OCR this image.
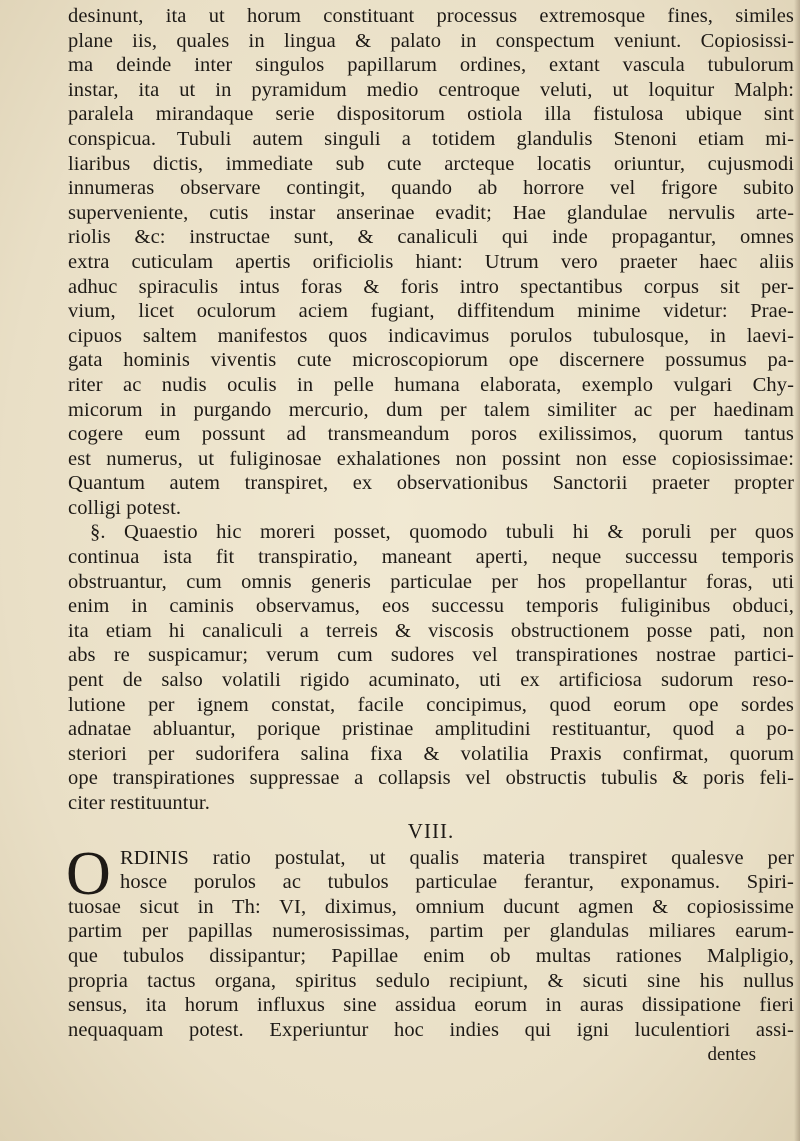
desinunt, ita ut horum constituant processus extremosque fines, similes
plane iis, quales in lingua & palato in conspectum veniunt. Copiosissi-
ma deinde inter singulos papillarum ordines, extant vascula tubulorum
instar, ita ut in pyramidum medio centroque veluti, ut loquitur Malph:
paralela mirandaque serie dispositorum ostiola illa fistulosa ubique sint
conspicua. Tubuli autem singuli a totidem glandulis Stenoni etiam mi-
liaribus dictis, immediate sub cute arcteque locatis oriuntur, cujusmodi
innumeras observare contingit, quando ab horrore vel frigore subito
superveniente, cutis instar anserinae evadit; Hae glandulae nervulis arte-
riolis &c: instructae sunt, & canaliculi qui inde propagantur, omnes
extra cuticulam apertis orificiolis hiant: Utrum vero praeter haec aliis
adhuc spiraculis intus foras & foris intro spectantibus corpus sit per-
vium, licet oculorum aciem fugiant, diffitendum minime videtur: Prae-
cipuos saltem manifestos quos indicavimus porulos tubulosque, in laevi-
gata hominis viventis cute microscopiorum ope discernere possumus pa-
riter ac nudis oculis in pelle humana elaborata, exemplo vulgari Chy-
micorum in purgando mercurio, dum per talem similiter ac per haedinam
cogere eum possunt ad transmeandum poros exilissimos, quorum tantus
est numerus, ut fuliginosae exhalationes non possint non esse copiosissimae:
Quantum autem transpiret, ex observationibus Sanctorii praeter propter
colligi potest.
§. Quaestio hic moreri posset, quomodo tubuli hi & poruli per quos
continua ista fit transpiratio, maneant aperti, neque successu temporis
obstruantur, cum omnis generis particulae per hos propellantur foras, uti
enim in caminis observamus, eos successu temporis fuliginibus obduci,
ita etiam hi canaliculi a terreis & viscosis obstructionem posse pati, non
abs re suspicamur; verum cum sudores vel transpirationes nostrae partici-
pent de salso volatili rigido acuminato, uti ex artificiosa sudorum reso-
lutione per ignem constat, facile concipimus, quod eorum ope sordes
adnatae abluantur, porique pristinae amplitudini restituantur, quod a po-
steriori per sudorifera salina fixa & volatilia Praxis confirmat, quorum
ope transpirationes suppressae a collapsis vel obstructis tubulis & poris feli-
citer restituuntur.
VIII.
O RDINIS ratio postulat, ut qualis materia transpiret qualesve per
hosce porulos ac tubulos particulae ferantur, exponamus. Spiri-
tuosae sicut in Th: VI, diximus, omnium ducunt agmen & copiosissime
partim per papillas numerosissimas, partim per glandulas miliares earum-
que tubulos dissipantur; Papillae enim ob multas rationes Malpligio,
propria tactus organa, spiritus sedulo recipiunt, & sicuti sine his nullus
sensus, ita horum influxus sine assidua eorum in auras dissipatione fieri
nequaquam potest. Experiuntur hoc indies qui igni luculentiori assi-
dentes
